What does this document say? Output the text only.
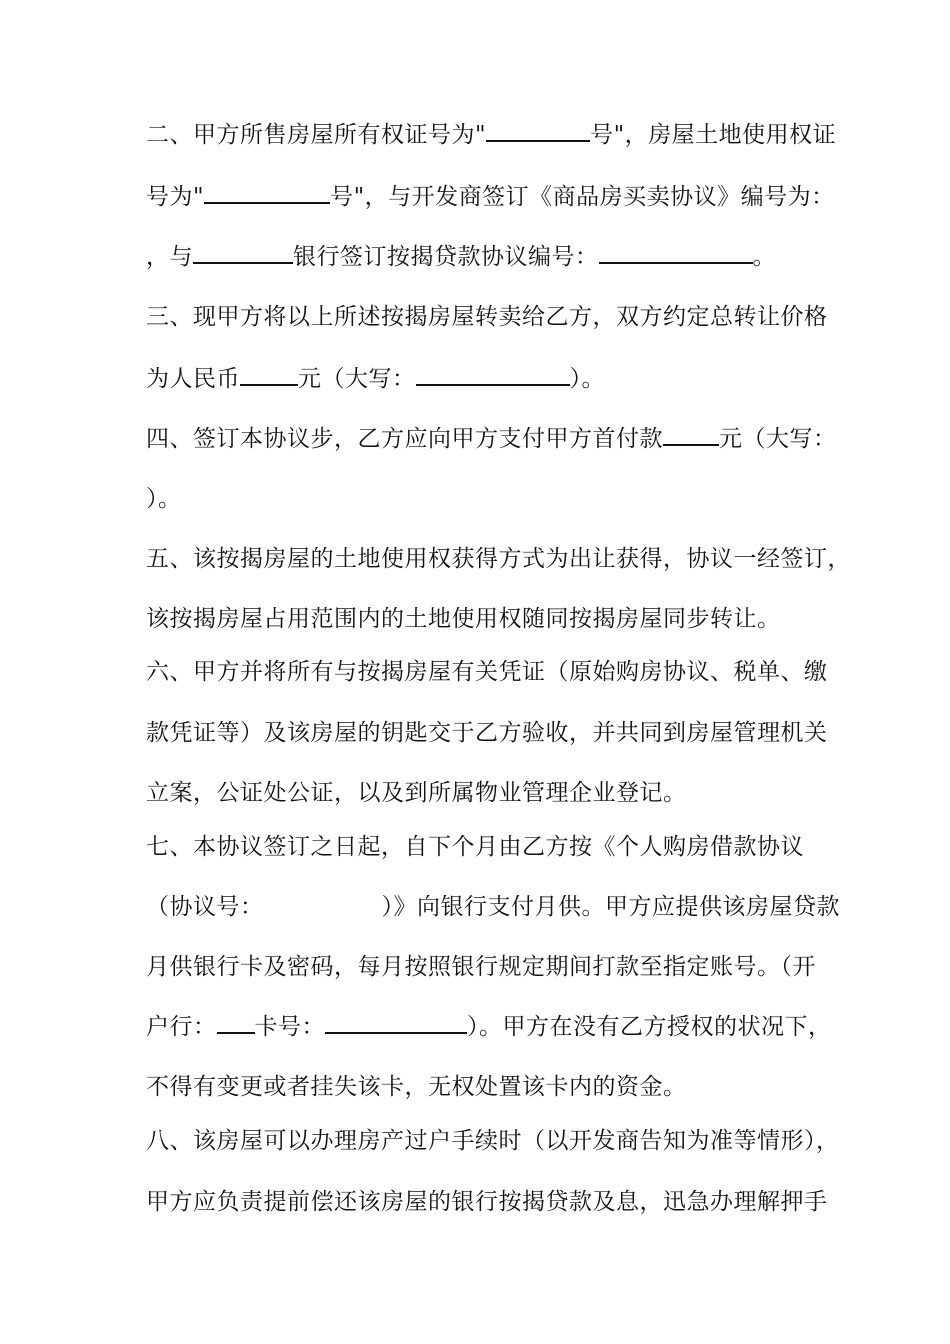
二、甲方所售房屋所有权证号为"	号"，房屋土地使用权证
号为"	号"，与开发商签订《商品房买卖协议》编号为：
，与	银行签订按揭贷款协议编号：	。
三、现甲方将以上所述按揭房屋转卖给乙方，双方约定总转让价格
为人民币	元（大写：	）。
四、签订本协议步，乙方应向甲方支付甲方首付款 元（大写：
）。
五、该按揭房屋的土地使用权获得方式为出让获得，协议一经签订，
该按揭房屋占用范围内的土地使用权随同按揭房屋同步转让。
六、甲方并将所有与按揭房屋有关凭证（原始购房协议、税单、缴
款凭证等）及该房屋的钥匙交于乙方验收，并共同到房屋管理机关
立案，公证处公证，以及到所属物业管理企业登记。
七、本协议签订之日起，自下个月由乙方按《个人购房借款协议
（协议号：	）》向银行支付月供。甲方应提供该房屋贷款
月供银行卡及密码，每月按照银行规定期间打款至指定账号。（开
户行： 卡号：	）。甲方在没有乙方授权的状况下，
不得有变更或者挂失该卡，无权处置该卡内的资金。
八、该房屋可以办理房产过户手续时（以开发商告知为准等情形），
甲方应负责提前偿还该房屋的银行按揭贷款及息，迅急办理解押手
